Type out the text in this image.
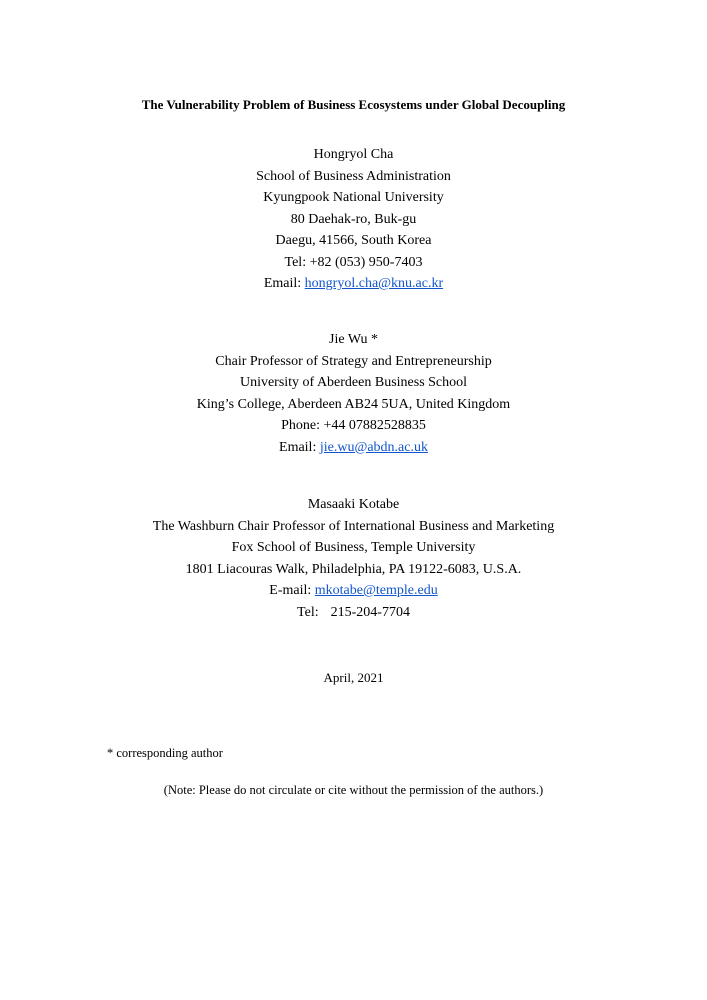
The Vulnerability Problem of Business Ecosystems under Global Decoupling
Hongryol Cha
School of Business Administration
Kyungpook National University
80 Daehak-ro, Buk-gu
Daegu, 41566, South Korea
Tel: +82 (053) 950-7403
Email: hongryol.cha@knu.ac.kr
Jie Wu *
Chair Professor of Strategy and Entrepreneurship
University of Aberdeen Business School
King’s College, Aberdeen AB24 5UA, United Kingdom
Phone: +44 07882528835
Email: jie.wu@abdn.ac.uk
Masaaki Kotabe
The Washburn Chair Professor of International Business and Marketing
Fox School of Business, Temple University
1801 Liacouras Walk, Philadelphia, PA 19122-6083, U.S.A.
E-mail: mkotabe@temple.edu
Tel: 215-204-7704
April, 2021
* corresponding author
(Note: Please do not circulate or cite without the permission of the authors.)
